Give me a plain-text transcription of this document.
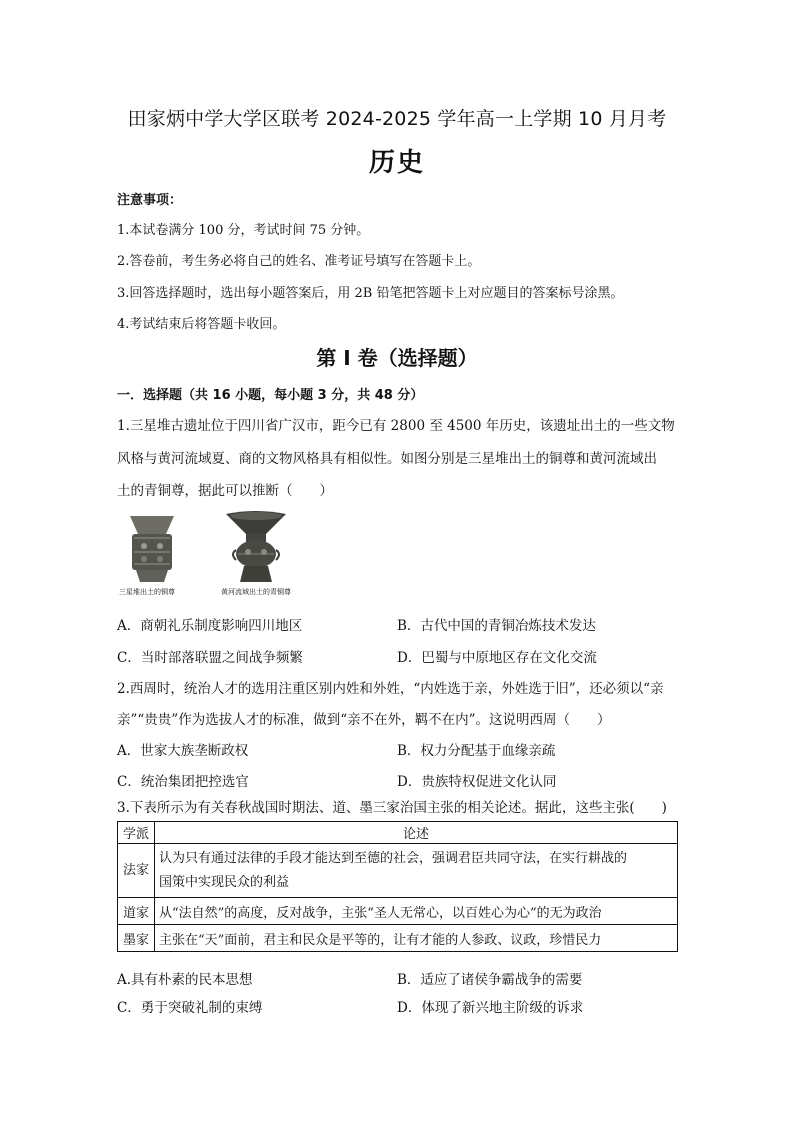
田家炳中学大学区联考 2024-2025 学年高一上学期 10 月月考
历史
注意事项：
1.本试卷满分 100 分，考试时间 75 分钟。
2.答卷前，考生务必将自己的姓名、准考证号填写在答题卡上。
3.回答选择题时，选出每小题答案后，用 2B 铅笔把答题卡上对应题目的答案标号涂黑。
4.考试结束后将答题卡收回。
第 I 卷（选择题）
一．选择题（共 16 小题，每小题 3 分，共 48 分）
1.三星堆古遗址位于四川省广汉市，距今已有 2800 至 4500 年历史，该遗址出土的一些文物
风格与黄河流域夏、商的文物风格具有相似性。如图分别是三星堆出土的铜尊和黄河流域出
土的青铜尊，据此可以推断（　　）
三星堆出土的铜尊	黄河流域出土的青铜尊
A．商朝礼乐制度影响四川地区	B．古代中国的青铜冶炼技术发达
C．当时部落联盟之间战争频繁	D．巴蜀与中原地区存在文化交流
2.西周时，统治人才的选用注重区别内姓和外姓，“内姓选于亲，外姓选于旧”，还必须以“亲
亲”“贵贵”作为选拔人才的标准，做到“亲不在外，羁不在内”。这说明西周（　　）
A．世家大族垄断政权	B．权力分配基于血缘亲疏
C．统治集团把控选官	D．贵族特权促进文化认同
3.下表所示为有关春秋战国时期法、道、墨三家治国主张的相关论述。据此，这些主张(　　)
学派	论述
法家	认为只有通过法律的手段才能达到至德的社会，强调君臣共同守法，在实行耕战的
国策中实现民众的利益

道家	从“法自然”的高度，反对战争，主张“圣人无常心，以百姓心为心”的无为政治
墨家	主张在“天”面前，君主和民众是平等的，让有才能的人参政、议政，珍惜民力
A.具有朴素的民本思想	B．适应了诸侯争霸战争的需要
C．勇于突破礼制的束缚	D．体现了新兴地主阶级的诉求
